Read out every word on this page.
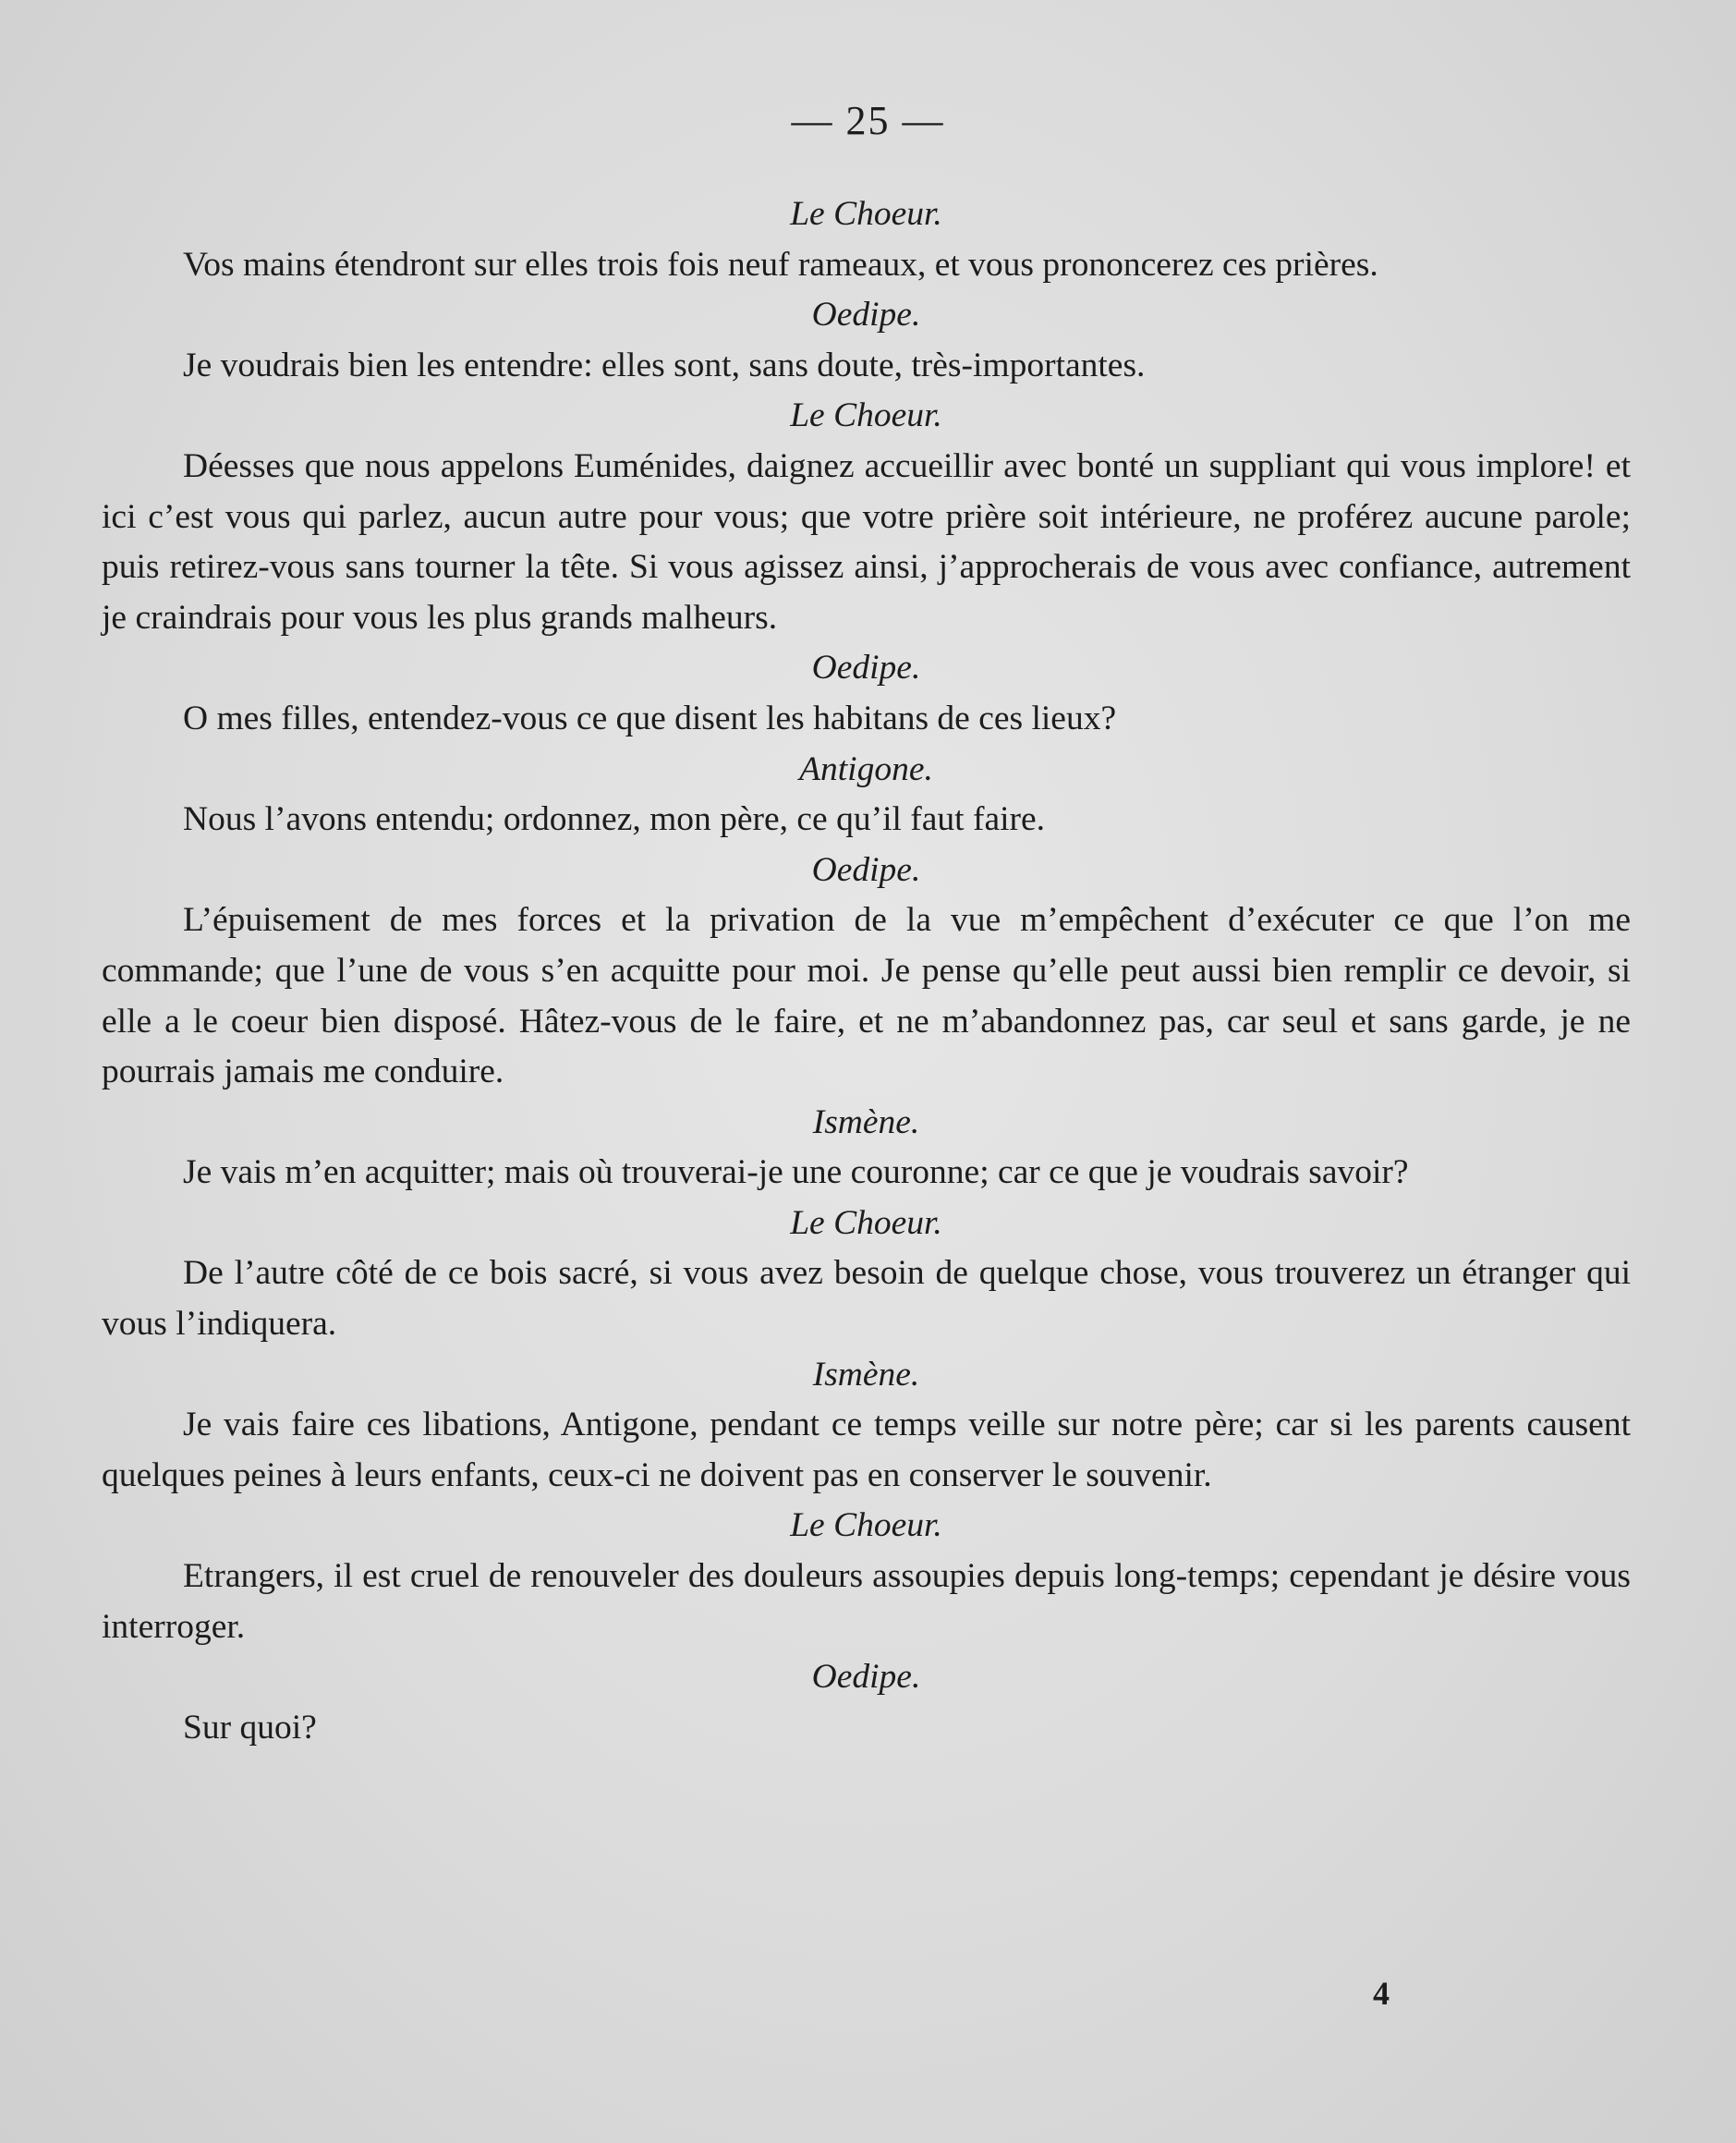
— 25 —
Le Choeur.

Vos mains étendront sur elles trois fois neuf rameaux, et vous prononcerez ces prières.

Oedipe.

Je voudrais bien les entendre: elles sont, sans doute, très-importantes.

Le Choeur.

Déesses que nous appelons Euménides, daignez accueillir avec bonté un suppliant qui vous implore! et ici c’est vous qui parlez, aucun autre pour vous; que votre prière soit intérieure, ne proférez aucune parole; puis retirez-vous sans tourner la tête. Si vous agissez ainsi, j’approcherais de vous avec confiance, autrement je craindrais pour vous les plus grands malheurs.

Oedipe.

O mes filles, entendez-vous ce que disent les habitans de ces lieux?

Antigone.

Nous l’avons entendu; ordonnez, mon père, ce qu’il faut faire.

Oedipe.

L’épuisement de mes forces et la privation de la vue m’empêchent d’exécuter ce que l’on me commande; que l’une de vous s’en acquitte pour moi. Je pense qu’elle peut aussi bien remplir ce devoir, si elle a le coeur bien disposé. Hâtez-vous de le faire, et ne m’abandonnez pas, car seul et sans garde, je ne pourrais jamais me conduire.

Ismène.

Je vais m’en acquitter; mais où trouverai-je une couronne; car ce que je voudrais savoir?

Le Choeur.

De l’autre côté de ce bois sacré, si vous avez besoin de quelque chose, vous trouverez un étranger qui vous l’indiquera.

Ismène.

Je vais faire ces libations, Antigone, pendant ce temps veille sur notre père; car si les parents causent quelques peines à leurs enfants, ceux-ci ne doivent pas en conserver le souvenir.

Le Choeur.

Etrangers, il est cruel de renouveler des douleurs assoupies depuis long-temps; cependant je désire vous interroger.

Oedipe.

Sur quoi?

4
